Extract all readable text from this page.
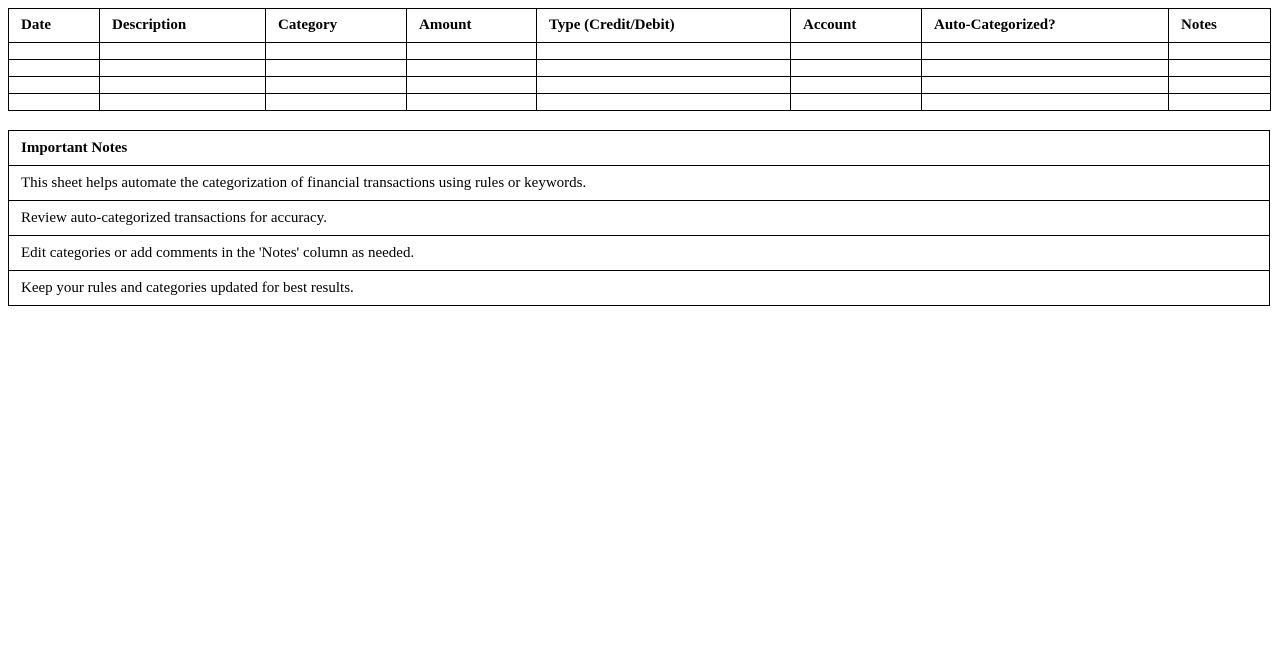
Date	Description	Category	Amount	Type (Credit/Debit)	Account	Auto-Categorized?	Notes

Important Notes
This sheet helps automate the categorization of financial transactions using rules or keywords.
Review auto-categorized transactions for accuracy.
Edit categories or add comments in the 'Notes' column as needed.
Keep your rules and categories updated for best results.
